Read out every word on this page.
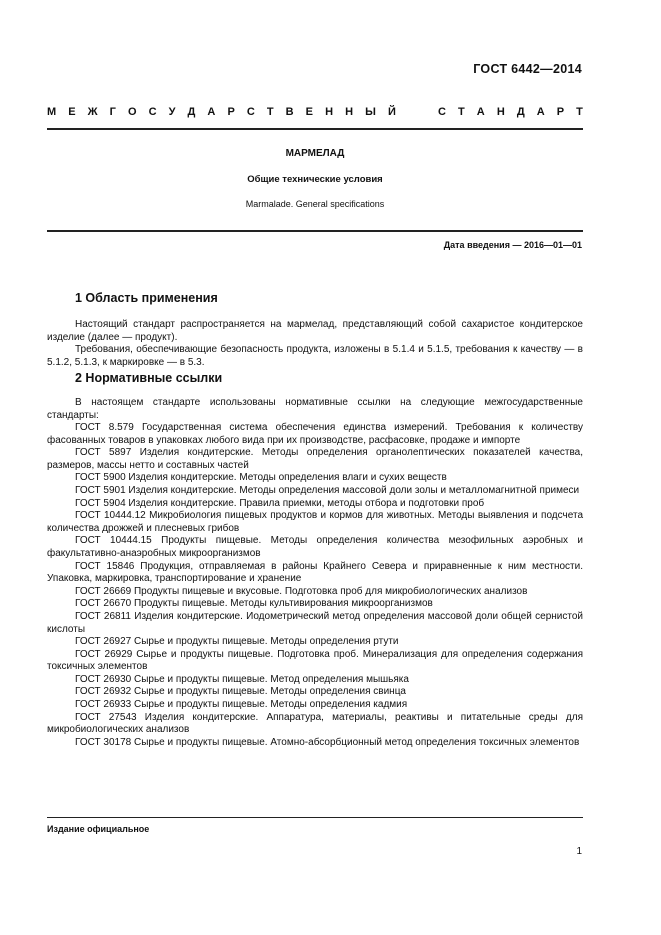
ГОСТ 6442—2014
М Е Ж Г О С У Д А Р С Т В Е Н Н Ы Й	С Т А Н Д А Р Т
МАРМЕЛАД
Общие технические условия
Marmalade. General specifications
Дата введения — 2016—01—01
1 Область применения

Настоящий стандарт распространяется на мармелад, представляющий собой сахаристое кондитерское изделие (далее — продукт).

Требования, обеспечивающие безопасность продукта, изложены в 5.1.4 и 5.1.5, требования к качеству — в 5.1.2, 5.1.3, к маркировке — в 5.3.

2 Нормативные ссылки

В настоящем стандарте использованы нормативные ссылки на следующие межгосударственные стандарты:

ГОСТ 8.579 Государственная система обеспечения единства измерений. Требования к количеству фасованных товаров в упаковках любого вида при их производстве, расфасовке, продаже и импорте

ГОСТ 5897 Изделия кондитерские. Методы определения органолептических показателей качества, размеров, массы нетто и составных частей

ГОСТ 5900 Изделия кондитерские. Методы определения влаги и сухих веществ

ГОСТ 5901 Изделия кондитерские. Методы определения массовой доли золы и металломагнитной примеси

ГОСТ 5904 Изделия кондитерские. Правила приемки, методы отбора и подготовки проб

ГОСТ 10444.12 Микробиология пищевых продуктов и кормов для животных. Методы выявления и подсчета количества дрожжей и плесневых грибов

ГОСТ 10444.15 Продукты пищевые. Методы определения количества мезофильных аэробных и факультативно-анаэробных микроорганизмов

ГОСТ 15846 Продукция, отправляемая в районы Крайнего Севера и приравненные к ним местности. Упаковка, маркировка, транспортирование и хранение

ГОСТ 26669 Продукты пищевые и вкусовые. Подготовка проб для микробиологических анализов

ГОСТ 26670 Продукты пищевые. Методы культивирования микроорганизмов

ГОСТ 26811 Изделия кондитерские. Иодометрический метод определения массовой доли общей сернистой кислоты

ГОСТ 26927 Сырье и продукты пищевые. Методы определения ртути

ГОСТ 26929 Сырье и продукты пищевые. Подготовка проб. Минерализация для определения содержания токсичных элементов

ГОСТ 26930 Сырье и продукты пищевые. Метод определения мышьяка

ГОСТ 26932 Сырье и продукты пищевые. Методы определения свинца

ГОСТ 26933 Сырье и продукты пищевые. Методы определения кадмия

ГОСТ 27543 Изделия кондитерские. Аппаратура, материалы, реактивы и питательные среды для микробиологических анализов

ГОСТ 30178 Сырье и продукты пищевые. Атомно-абсорбционный метод определения токсичных элементов

Издание официальное
1
